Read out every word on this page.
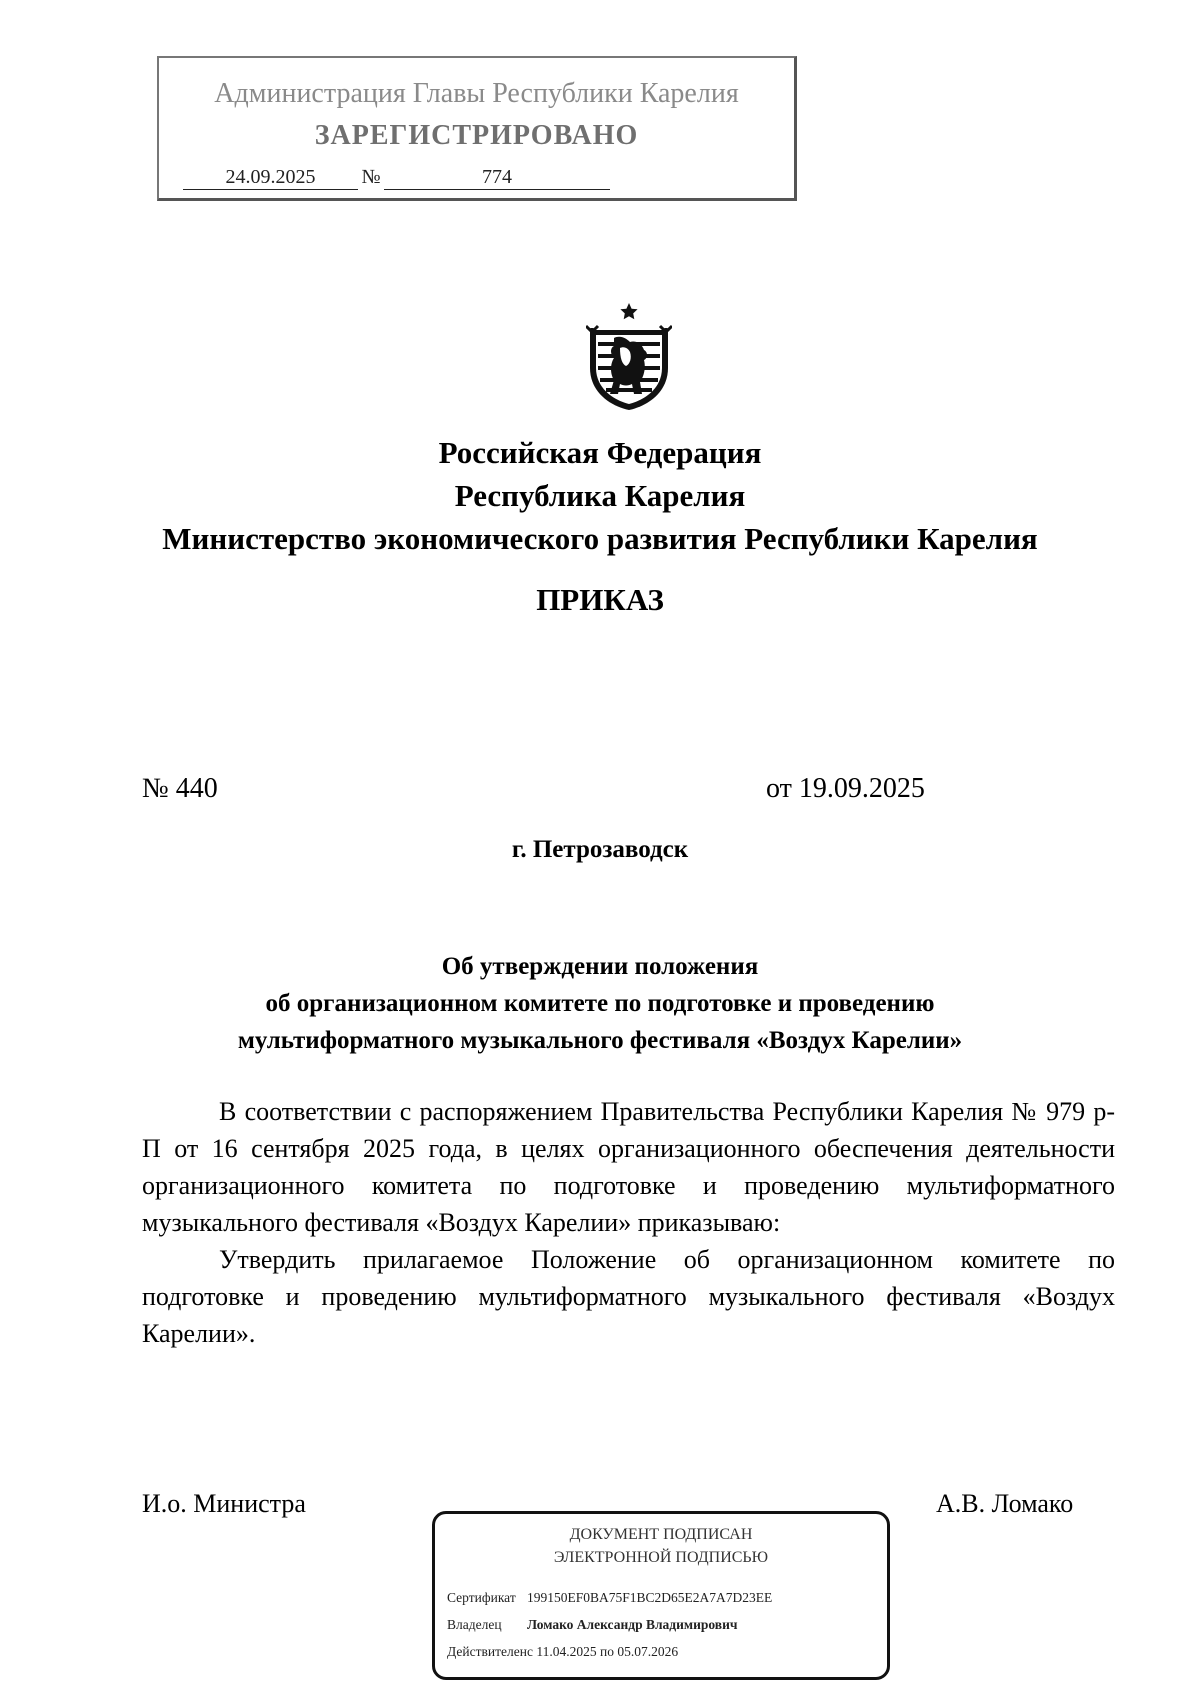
Администрация Главы Республики Карелия
ЗАРЕГИСТРИРОВАНО
24.09.2025 №	774
Российская Федерация
Республика Карелия
Министерство экономического развития Республики Карелия
ПРИКАЗ
№ 440	от 19.09.2025
г. Петрозаводск
Об утверждении положения
об организационном комитете по подготовке и проведению
мультиформатного музыкального фестиваля «Воздух Карелии»

В соответствии с распоряжением Правительства Республики Карелия № 979 р-П от 16 сентября 2025 года, в целях организационного обеспечения деятельности организационного комитета по подготовке и проведению мультиформатного музыкального фестиваля «Воздух Карелии» приказываю:

Утвердить прилагаемое Положение об организационном комитете по подготовке и проведению мультиформатного музыкального фестиваля «Воздух Карелии».

И.о. Министра	А.В. Ломако
ДОКУМЕНТ ПОДПИСАН
ЭЛЕКТРОННОЙ ПОДПИСЬЮ
Сертификат 199150EF0BA75F1BC2D65E2A7A7D23EE
Владелец Ломако Александр Владимирович
Действителенс 11.04.2025 по 05.07.2026
